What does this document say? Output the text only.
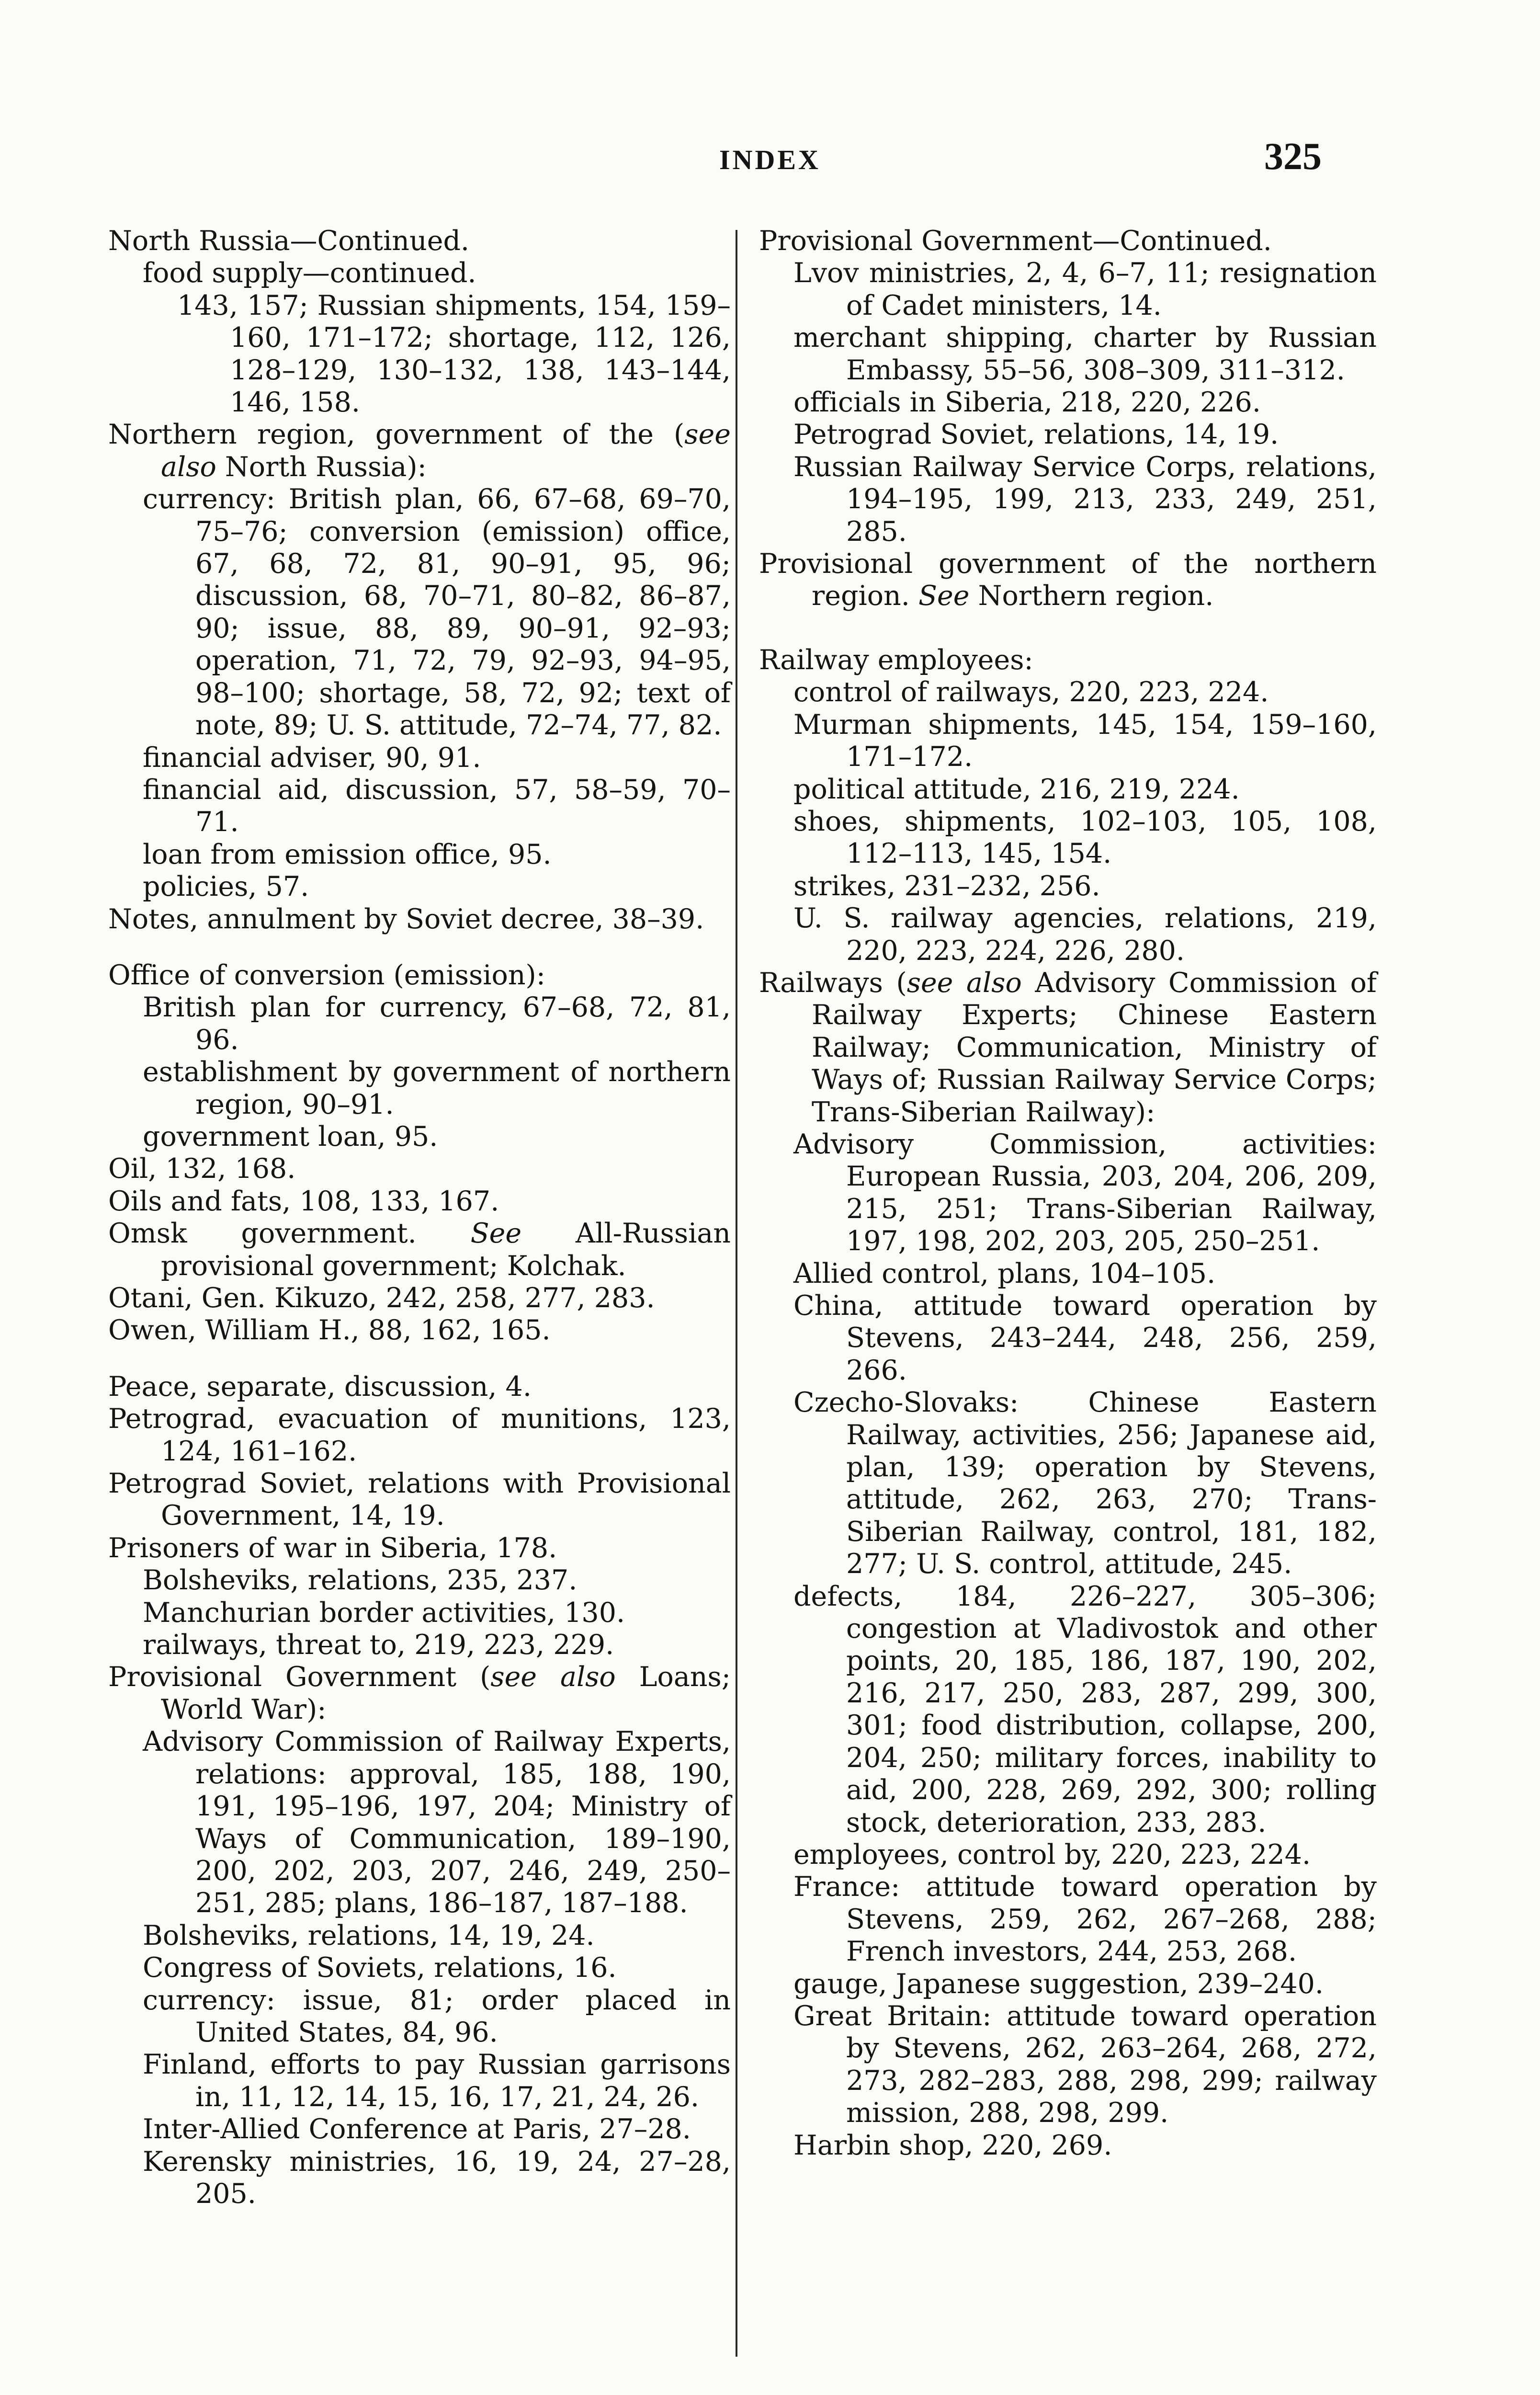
INDEX	325
North Russia—Continued.
food supply—continued.
143, 157; Russian shipments, 154, 159–160, 171–172; shortage, 112, 126, 128–129, 130–132, 138, 143–144, 146, 158.
Northern region, government of the (see also North Russia):
currency: British plan, 66, 67–68, 69–70, 75–76; conversion (emission) office, 67, 68, 72, 81, 90–91, 95, 96; discussion, 68, 70–71, 80–82, 86–87, 90; issue, 88, 89, 90–91, 92–93; operation, 71, 72, 79, 92–93, 94–95, 98–100; shortage, 58, 72, 92; text of note, 89; U. S. attitude, 72–74, 77, 82.
financial adviser, 90, 91.
financial aid, discussion, 57, 58–59, 70–71.
loan from emission office, 95.
policies, 57.
Notes, annulment by Soviet decree, 38–39.
Office of conversion (emission):
British plan for currency, 67–68, 72, 81, 96.
establishment by government of northern region, 90–91.
government loan, 95.
Oil, 132, 168.
Oils and fats, 108, 133, 167.
Omsk government. See All-Russian provisional government; Kolchak.
Otani, Gen. Kikuzo, 242, 258, 277, 283.
Owen, William H., 88, 162, 165.
Peace, separate, discussion, 4.
Petrograd, evacuation of munitions, 123, 124, 161–162.
Petrograd Soviet, relations with Provisional Government, 14, 19.
Prisoners of war in Siberia, 178.
Bolsheviks, relations, 235, 237.
Manchurian border activities, 130.
railways, threat to, 219, 223, 229.
Provisional Government (see also Loans; World War):
Advisory Commission of Railway Experts, relations: approval, 185, 188, 190, 191, 195–196, 197, 204; Ministry of Ways of Communication, 189–190, 200, 202, 203, 207, 246, 249, 250–251, 285; plans, 186–187, 187–188.
Bolsheviks, relations, 14, 19, 24.
Congress of Soviets, relations, 16.
currency: issue, 81; order placed in United States, 84, 96.
Finland, efforts to pay Russian garrisons in, 11, 12, 14, 15, 16, 17, 21, 24, 26.
Inter-Allied Conference at Paris, 27–28.
Kerensky ministries, 16, 19, 24, 27–28, 205.
Provisional Government—Continued.
Lvov ministries, 2, 4, 6–7, 11; resignation of Cadet ministers, 14.
merchant shipping, charter by Russian Embassy, 55–56, 308–309, 311–312.
officials in Siberia, 218, 220, 226.
Petrograd Soviet, relations, 14, 19.
Russian Railway Service Corps, relations, 194–195, 199, 213, 233, 249, 251, 285.
Provisional government of the northern region. See Northern region.
Railway employees:
control of railways, 220, 223, 224.
Murman shipments, 145, 154, 159–160, 171–172.
political attitude, 216, 219, 224.
shoes, shipments, 102–103, 105, 108, 112–113, 145, 154.
strikes, 231–232, 256.
U. S. railway agencies, relations, 219, 220, 223, 224, 226, 280.
Railways (see also Advisory Commission of Railway Experts; Chinese Eastern Railway; Communication, Ministry of Ways of; Russian Railway Service Corps; Trans-Siberian Railway):
Advisory Commission, activities: European Russia, 203, 204, 206, 209, 215, 251; Trans-Siberian Railway, 197, 198, 202, 203, 205, 250–251.
Allied control, plans, 104–105.
China, attitude toward operation by Stevens, 243–244, 248, 256, 259, 266.
Czecho-Slovaks: Chinese Eastern Railway, activities, 256; Japanese aid, plan, 139; operation by Stevens, attitude, 262, 263, 270; Trans-Siberian Railway, control, 181, 182, 277; U. S. control, attitude, 245.
defects, 184, 226–227, 305–306; congestion at Vladivostok and other points, 20, 185, 186, 187, 190, 202, 216, 217, 250, 283, 287, 299, 300, 301; food distribution, collapse, 200, 204, 250; military forces, inability to aid, 200, 228, 269, 292, 300; rolling stock, deterioration, 233, 283.
employees, control by, 220, 223, 224.
France: attitude toward operation by Stevens, 259, 262, 267–268, 288; French investors, 244, 253, 268.
gauge, Japanese suggestion, 239–240.
Great Britain: attitude toward operation by Stevens, 262, 263–264, 268, 272, 273, 282–283, 288, 298, 299; railway mission, 288, 298, 299.
Harbin shop, 220, 269.
